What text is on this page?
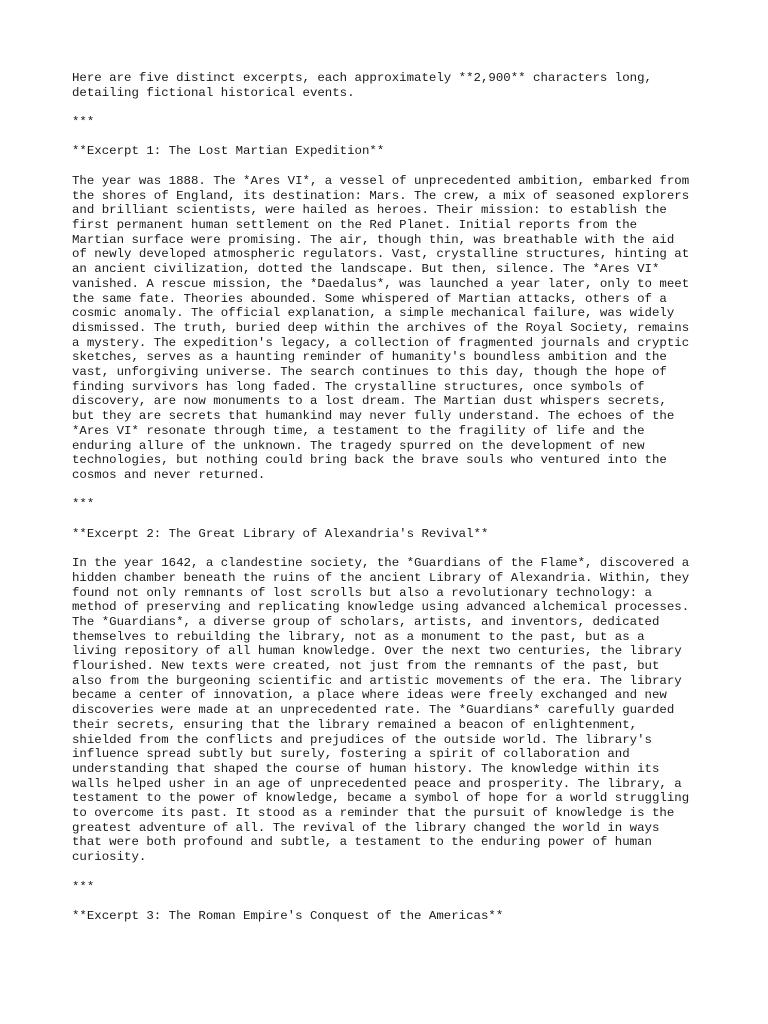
Here are five distinct excerpts, each approximately **2,900** characters long,
detailing fictional historical events.

***

**Excerpt 1: The Lost Martian Expedition**

The year was 1888. The *Ares VI*, a vessel of unprecedented ambition, embarked from
the shores of England, its destination: Mars. The crew, a mix of seasoned explorers
and brilliant scientists, were hailed as heroes. Their mission: to establish the
first permanent human settlement on the Red Planet. Initial reports from the
Martian surface were promising. The air, though thin, was breathable with the aid
of newly developed atmospheric regulators. Vast, crystalline structures, hinting at
an ancient civilization, dotted the landscape. But then, silence. The *Ares VI*
vanished. A rescue mission, the *Daedalus*, was launched a year later, only to meet
the same fate. Theories abounded. Some whispered of Martian attacks, others of a
cosmic anomaly. The official explanation, a simple mechanical failure, was widely
dismissed. The truth, buried deep within the archives of the Royal Society, remains
a mystery. The expedition's legacy, a collection of fragmented journals and cryptic
sketches, serves as a haunting reminder of humanity's boundless ambition and the
vast, unforgiving universe. The search continues to this day, though the hope of
finding survivors has long faded. The crystalline structures, once symbols of
discovery, are now monuments to a lost dream. The Martian dust whispers secrets,
but they are secrets that humankind may never fully understand. The echoes of the
*Ares VI* resonate through time, a testament to the fragility of life and the
enduring allure of the unknown. The tragedy spurred on the development of new
technologies, but nothing could bring back the brave souls who ventured into the
cosmos and never returned.

***

**Excerpt 2: The Great Library of Alexandria's Revival**

In the year 1642, a clandestine society, the *Guardians of the Flame*, discovered a
hidden chamber beneath the ruins of the ancient Library of Alexandria. Within, they
found not only remnants of lost scrolls but also a revolutionary technology: a
method of preserving and replicating knowledge using advanced alchemical processes.
The *Guardians*, a diverse group of scholars, artists, and inventors, dedicated
themselves to rebuilding the library, not as a monument to the past, but as a
living repository of all human knowledge. Over the next two centuries, the library
flourished. New texts were created, not just from the remnants of the past, but
also from the burgeoning scientific and artistic movements of the era. The library
became a center of innovation, a place where ideas were freely exchanged and new
discoveries were made at an unprecedented rate. The *Guardians* carefully guarded
their secrets, ensuring that the library remained a beacon of enlightenment,
shielded from the conflicts and prejudices of the outside world. The library's
influence spread subtly but surely, fostering a spirit of collaboration and
understanding that shaped the course of human history. The knowledge within its
walls helped usher in an age of unprecedented peace and prosperity. The library, a
testament to the power of knowledge, became a symbol of hope for a world struggling
to overcome its past. It stood as a reminder that the pursuit of knowledge is the
greatest adventure of all. The revival of the library changed the world in ways
that were both profound and subtle, a testament to the enduring power of human
curiosity.

***

**Excerpt 3: The Roman Empire's Conquest of the Americas**
